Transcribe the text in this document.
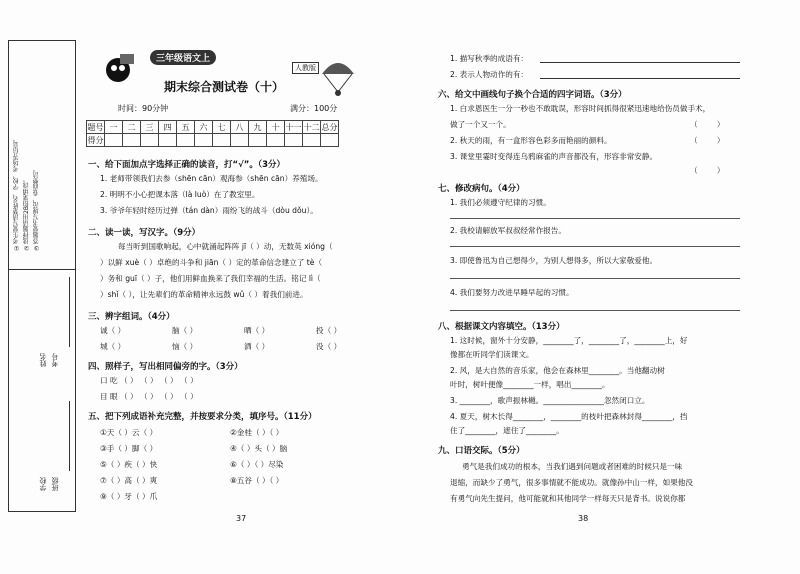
①考生要写清楚姓名、学校、考场等信息。 ②选择题请用2B铅笔填涂。 ③答题要书写规范，卷面整洁。
姓名 考号
学校 班级
三年级语文上
人教版
期末综合测试卷（十）
时间：90分钟	满分：100分
题号	一	二	三	四	五	六	七	八	九	十	十一	十二	总分
得分													
一、给下面加点字选择正确的读音，打“√”。（3分）
1. 老师带领我们去参（shēn cān）观海参（shēn cān）养殖场。
2. 明明不小心把课本落（là luò）在了教室里。
3. 爷爷年轻时经历过弹（tán dàn）雨纷飞的战斗（dòu dǒu）。
二、读一读，写汉字。（9分）
每当听到国歌响起，心中就涌起阵阵 jī（ ）动，无数英 xióng（
）以鲜 xuè（ ）卓绝的斗争和 jiān（ ）定的革命信念建立了 tè（
）务和 guī（ ）子，他们用鲜血换来了我们幸福的生活。铭记 lì（
）shǐ（ ），让先辈们的革命精神永远鼓 wǔ（ ）着我们前进。
三、辨字组词。（4分）
诚（ ）	脑（ ）	晒（ ）	投（ ）
城（ ）	恼（ ）	洒（ ）	没（ ）
四、照样子，写出相同偏旁的字。（3分）
口 吃 （ ） （ ） （ ） （ ）
目 眼 （ ） （ ） （ ） （ ）
五、把下列成语补充完整，并按要求分类，填序号。（11分）
①天（ ）云（ ）	②金桂（ ）（ ）
③手（ ）脚（ ）	④（ ）头（ ）脑
⑤（ ）疾（ ）快	⑥（ ）（ ）尽染
⑦（ ）高（ ）爽	⑧五谷（ ）（ ）
⑨（ ）牙（ ）爪
37
1. 描写秋季的成语有：
2. 表示人物动作的有：
六、给文中画线句子换个合适的四字词语。（3分）
1. 白求恩医生一分一秒也不敢耽误，形容时间抓得很紧迅速地给伤员做手术，
做了一个又一个。	（        ）
2. 秋天的雨，有一盒形容色彩多而艳丽的颜料。	（        ）
3. 课堂里霎时变得连乌鸦麻雀的声音都没有，形容非常安静。
（        ）
七、修改病句。（4分）
1. 我们必须遵守纪律的习惯。
2. 我校请解放军叔叔经常作报告。
3. 即使鲁迅为自己想得少，为别人想得多，所以大家敬爱他。
4. 我们要努力改进早睡早起的习惯。
八、根据课文内容填空。（13分）
1. 这时候，窗外十分安静，________了，________了，________上，好
像都在听同学们读课文。
2. 风，是大自然的音乐家，他会在森林里________。当他翻动树
叶时，树叶便像________一样，唱出________。
3. ________，歌声振林樾。________________忽然闭口立。
4. 夏天，树木长得________，________的枝叶把森林封得________，挡
住了________，遮住了________。
九、口语交际。（5分）
勇气是我们成功的根本，当我们遇到问题或者困难的时候只是一味
退缩，而缺少了勇气，很多事情就不能成功。就像孙中山一样，如果他没
有勇气向先生提问，他可能就和其他同学一样每天只是背书。说说你都
38
